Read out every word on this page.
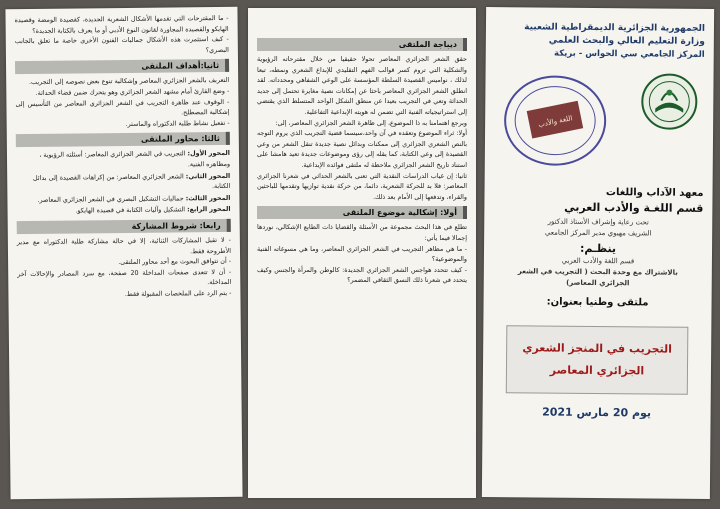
- ما المقترحات التي تقدمها الأشكال الشعرية الجديدة، كقصيدة الومضة وقصيدة الهايكو والقصيدة المجاورة لقانون النوع الأدبي أو ما يعرف بالكتابة الجديدة؟

- كيف استثمرت هذه الأشكال جماليات الفنون الأخرى خاصة ما تعلق بالجانب البصري؟

ثانيا:أهداف الملتقى

التعريف بالشعر الجزائري المعاصر وإشكالية تنوع بعض نصوصه إلى التجريب.

- وضع القارئ أمام مشهد الشعر الجزائري وهو يتحرك ضمن فضاء الحداثة.

- الوقوف عند ظاهرة التجريب في الشعر الجزائري المعاصر من التأسيس إلى إشكالية المصطلح.

- تفعيل نشاط طلبة الدكتوراه والماستر.

ثالثا: محاور الملتقى

المحور الأول: التجريب في الشعر الجزائري المعاصر: أسئلته الرؤيوية ، ومظاهره الفنية.

المحور الثاني: الشعر الجزائري المعاصر: من إكراهات القصيدة إلى بدائل الكتابة.

المحور الثالث: جماليات التشكيل البصري في الشعر الجزائري المعاصر.

المحور الرابع: التشكيل وآليات الكتابة في قصيدة الهايكو.

رابعا: شروط المشاركة

- لا تقبل المشاركات الثنائية، إلا في حالة مشاركة طلبة الدكتوراه مع مدير الأطروحة فقط.

- أن تتوافق البحوث مع أحد محاور الملتقى.

- أن لا تتعدى صفحات المداخلة 20 صفحة، مع سرد المصادر والإحالات آخر المداخلة.

- يتم الرد على الملخصات المقبولة فقط.

ديباجة الملتقى

حقق الشعر الجزائري المعاصر تحولا حقيقيا من خلال مقترحاته الرؤيوية والشكلية التي تروم كسر قوالب الفهم التقليدي للإبداع الشعري ونمطه، تبعا لذلك ، نواميس القصيدة السلطة المؤسسة على الوعي الشفاهي ومحدداته. لقد انطلق الشعر الجزائري المعاصر باحثا عن إمكانات نصية مغايرة تحتمل إلى جديد الحداثة وتعي في التجريب بعيدا عن منطق الشكل الواحد المتسلط الذي يقتضي إلى استراتيجياته الفنية التي تضمن له هويته الإبداعية التفاعلية.

وبرجع اهتمامنا به ذا الموضوع، إلى ظاهرة الشعر الجزائري المعاصر، إلى:

أولا: ثراء الموضوع وتعقده في آن واحد،سيسما قضية التجريب الذي يروم التوجه بالنص الشعري الجزائري إلى ممكنات وبدائل نصية جديدة تنقل الشعر من وعي القصيدة إلى وعي الكتابة، كما يقله إلى رؤى وموضوعات جديدة تعيد هامشا على استناد تاريخ الشعر الجزائري ملاحظة له ملتقى فوائده الإبداعية.

ثانيا: إن غياب الدراسات النقدية التي تعنى بالشعر الحداثي في شعرنا الجزائري المعاصر: فلا بد للحركة الشعرية، دائما، من حركة نقدية توازيها وتقدمها للباحثين والقراء، وتدفعها إلى الأمام بعد ذلك.

أولا: إشكالية موضوع الملتقى

تطلع في هذا البحث مجموعة من الأسئلة والقضايا ذات الطابع الإشكالي، نوردها إجمالا فيما يأتي:

- ما هي مظاهر التجريب في الشعر الجزائري المعاصر، وما هي مسوغاته الفنية والموضوعية؟

- كيف تتحدد هواجس الشعر الجزائري الجديدة: كالوطن والمرأة والجنس وكيف يتحدد في شعرنا ذلك النسق الثقافي المضمر؟

الجمهورية الجزائرية الديمقراطية الشعبية
وزارة التعليم العالي والبحث العلمي
المركز الجامعي سي الحواس - بريكة
اللغة والأدب
معهد الآداب واللغات
قسم اللغـة والأدب العربي
تحت رعاية وإشراف الأستاذ الدكتور
الشريف مهيوي مدير المركز الجامعي
ينظـم:
قسم اللغة والأدب العربي
بالاشتراك مع وحدة البحث ( التجريب في الشعر الجزائري المعاصر)
ملتقى وطنيا بعنوان:
التجريب في المنجز الشعري
الجزائري المعاصر
يوم 20 مارس 2021
